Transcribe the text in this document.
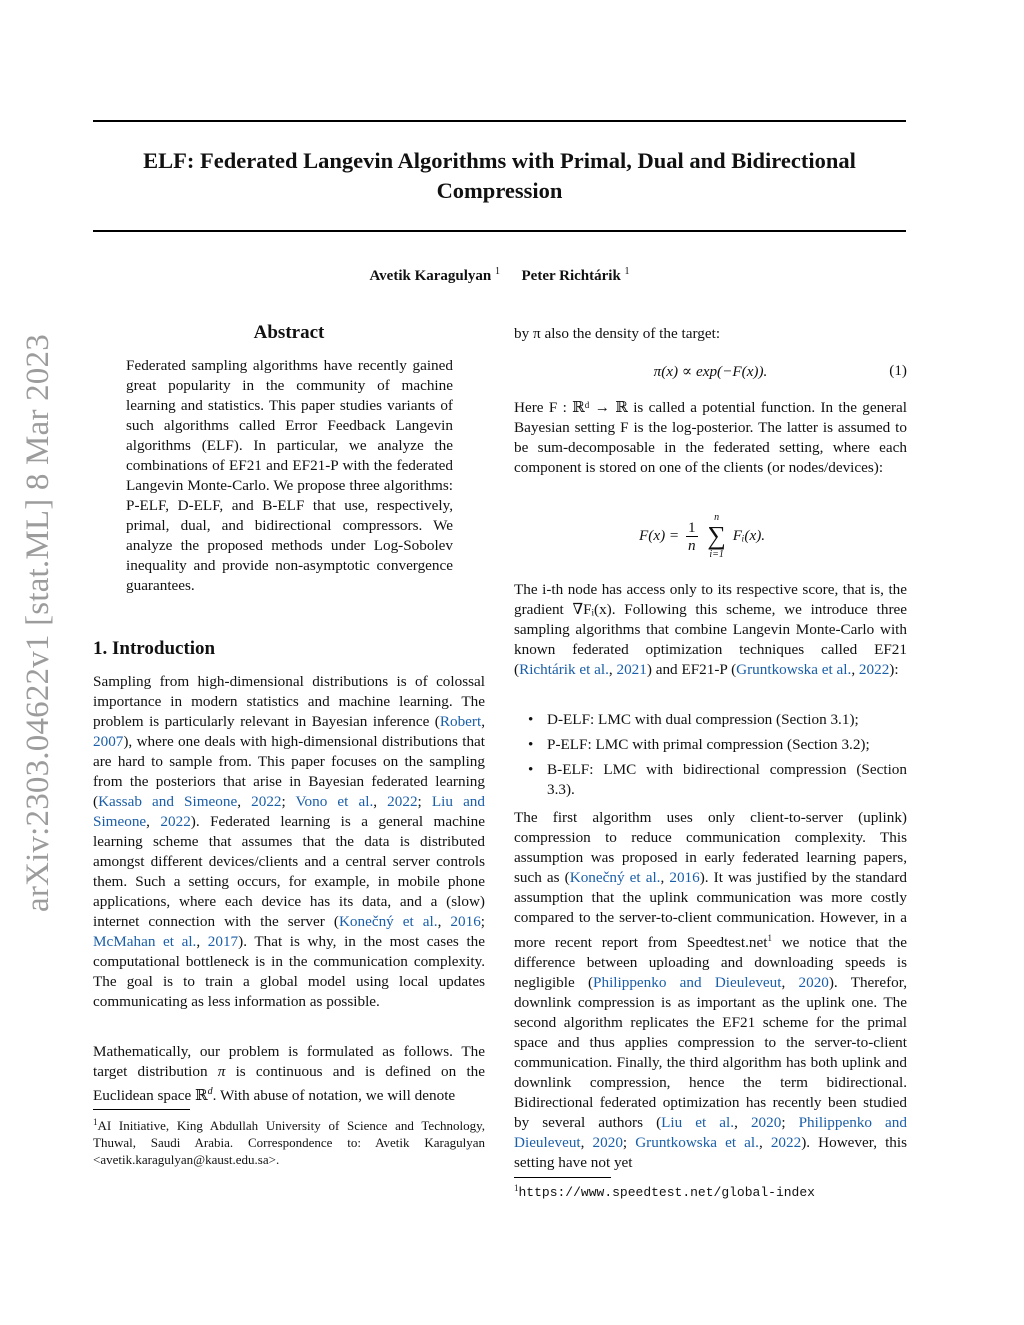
arXiv:2303.04622v1 [stat.ML] 8 Mar 2023
ELF: Federated Langevin Algorithms with Primal, Dual and Bidirectional Compression
Avetik Karagulyan $^1$ Peter Richtárik $^1$
Abstract
Federated sampling algorithms have recently gained great popularity in the community of machine learning and statistics. This paper studies variants of such algorithms called Error Feedback Langevin algorithms (ELF). In particular, we analyze the combinations of EF21 and EF21-P with the federated Langevin Monte-Carlo. We propose three algorithms: P-ELF, D-ELF, and B-ELF that use, respectively, primal, dual, and bidirectional compressors. We analyze the proposed methods under Log-Sobolev inequality and provide non-asymptotic convergence guarantees.
1. Introduction
Sampling from high-dimensional distributions is of colossal importance in modern statistics and machine learning. The problem is particularly relevant in Bayesian inference (Robert, 2007), where one deals with high-dimensional distributions that are hard to sample from. This paper focuses on the sampling from the posteriors that arise in Bayesian federated learning (Kassab and Simeone, 2022; Vono et al., 2022; Liu and Simeone, 2022). Federated learning is a general machine learning scheme that assumes that the data is distributed amongst different devices/clients and a central server controls them. Such a setting occurs, for example, in mobile phone applications, where each device has its data, and a (slow) internet connection with the server (Konečný et al., 2016; McMahan et al., 2017). That is why, in the most cases the computational bottleneck is in the communication complexity. The goal is to train a global model using local updates communicating as less information as possible.
Mathematically, our problem is formulated as follows. The target distribution π is continuous and is defined on the Euclidean space ℝ$^d$. With abuse of notation, we will denote
$^1$AI Initiative, King Abdullah University of Science and Technology, Thuwal, Saudi Arabia. Correspondence to: Avetik Karagulyan <avetik.karagulyan@kaust.edu.sa>.
by π also the density of the target:
π(x) ∝ exp(−F(x)).	(1)
Here F : ℝᵈ → ℝ is called a potential function. In the general Bayesian setting F is the log-posterior. The latter is assumed to be sum-decomposable in the federated setting, where each component is stored on one of the clients (or nodes/devices):
$F(x) = \frac{1}{n}$

n
∑
i=1
Fᵢ(x).
The i-th node has access only to its respective score, that is, the gradient ∇Fᵢ(x). Following this scheme, we introduce three sampling algorithms that combine Langevin Monte-Carlo with known federated optimization techniques called EF21 (Richtárik et al., 2021) and EF21-P (Gruntkowska et al., 2022):
• D-ELF: LMC with dual compression (Section 3.1);
• P-ELF: LMC with primal compression (Section 3.2);
• B-ELF: LMC with bidirectional compression (Section 3.3).
The first algorithm uses only client-to-server (uplink) compression to reduce communication complexity. This assumption was proposed in early federated learning papers, such as (Konečný et al., 2016). It was justified by the standard assumption that the uplink communication was more costly compared to the server-to-client communication. However, in a more recent report from Speedtest.net$^1$ we notice that the difference between uploading and downloading speeds is negligible (Philippenko and Dieuleveut, 2020). Therefor, downlink compression is as important as the uplink one. The second algorithm replicates the EF21 scheme for the primal space and thus applies compression to the server-to-client communication. Finally, the third algorithm has both uplink and downlink compression, hence the term bidirectional. Bidirectional federated optimization has recently been studied by several authors (Liu et al., 2020; Philippenko and Dieuleveut, 2020; Gruntkowska et al., 2022). However, this setting have not yet
$^1$https://www.speedtest.net/global-index
